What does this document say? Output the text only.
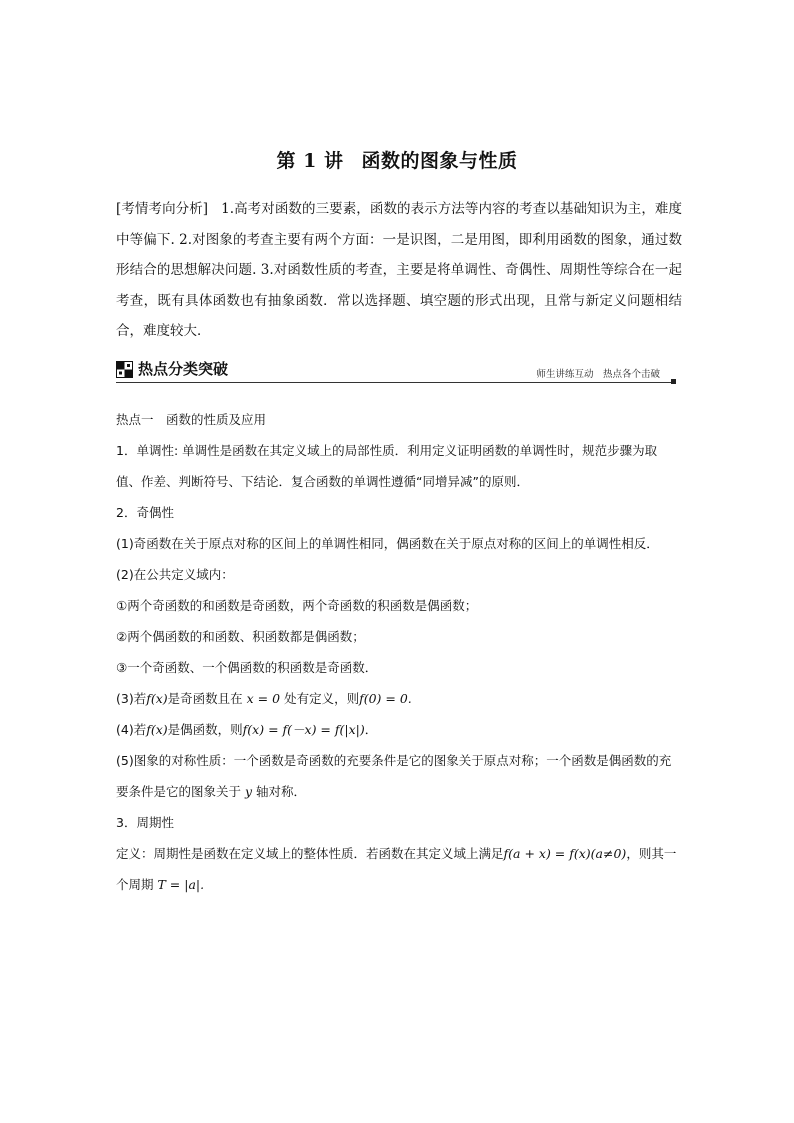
第 1 讲 函数的图象与性质
[考情考向分析] 1.高考对函数的三要素，函数的表示方法等内容的考查以基础知识为主，难度中等偏下. 2.对图象的考查主要有两个方面：一是识图，二是用图，即利用函数的图象，通过数形结合的思想解决问题. 3.对函数性质的考查，主要是将单调性、奇偶性、周期性等综合在一起考查，既有具体函数也有抽象函数．常以选择题、填空题的形式出现，且常与新定义问题相结合，难度较大．
热点分类突破	师生讲练互动　热点各个击破
热点一　函数的性质及应用
1．单调性: 单调性是函数在其定义域上的局部性质．利用定义证明函数的单调性时，规范步骤为取值、作差、判断符号、下结论．复合函数的单调性遵循“同增异减”的原则．
2．奇偶性
(1)奇函数在关于原点对称的区间上的单调性相同，偶函数在关于原点对称的区间上的单调性相反．
(2)在公共定义域内：
①两个奇函数的和函数是奇函数，两个奇函数的积函数是偶函数；
②两个偶函数的和函数、积函数都是偶函数；
③一个奇函数、一个偶函数的积函数是奇函数．
(3)若f(x)是奇函数且在 x = 0 处有定义，则f(0) = 0.
(4)若f(x)是偶函数，则f(x) = f(－x) = f(|x|)．
(5)图象的对称性质：一个函数是奇函数的充要条件是它的图象关于原点对称；一个函数是偶函数的充要条件是它的图象关于 y 轴对称．
3．周期性
定义：周期性是函数在定义域上的整体性质．若函数在其定义域上满足f(a + x) = f(x)(a≠0)，则其一个周期 T = |a|.
